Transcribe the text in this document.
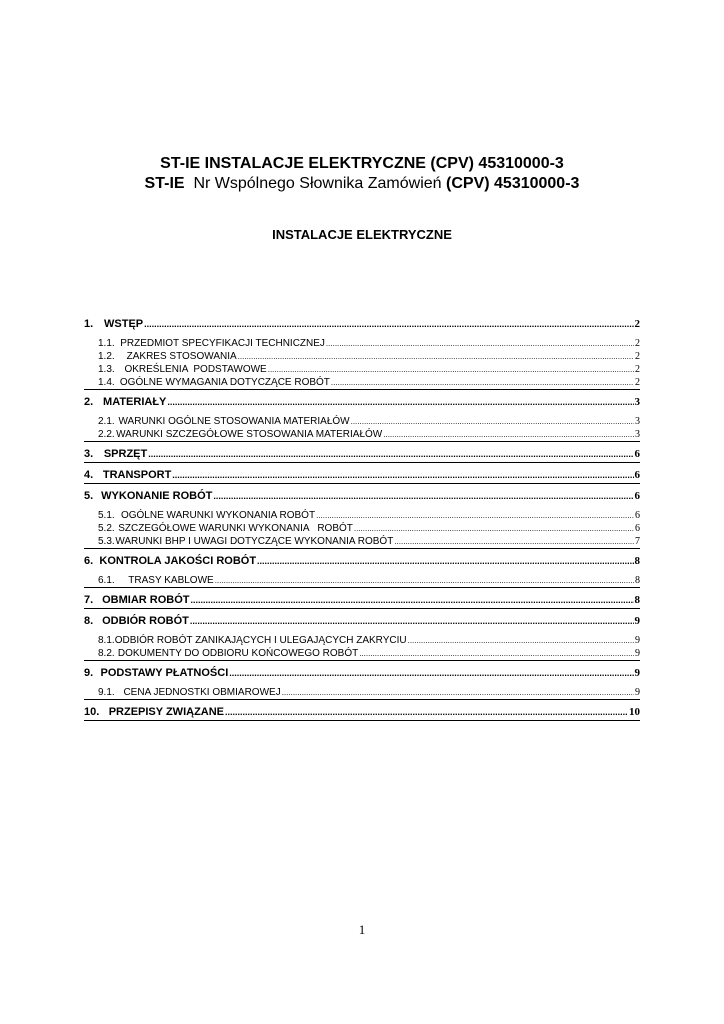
ST-IE INSTALACJE ELEKTRYCZNE (CPV) 45310000-3
ST-IE Nr Wspólnego Słownika Zamówień (CPV) 45310000-3
INSTALACJE ELEKTRYCZNE
1. WSTĘP .....	2
1.1. PRZEDMIOT SPECYFIKACJI TECHNICZNEJ .....	2
1.2.	ZAKRES STOSOWANIA .....	2
1.3. OKREŚLENIA  PODSTAWOWE .....	2
1.4. OGÓLNE WYMAGANIA DOTYCZĄCE ROBÓT .....	2
2. MATERIAŁY .....	3
2.1. WARUNKI OGÓLNE STOSOWANIA MATERIAŁÓW .....	3
2.2. WARUNKI SZCZEGÓŁOWE STOSOWANIA MATERIAŁÓW .....	3
3. SPRZĘT .....	6
4. TRANSPORT .....	6
5. WYKONANIE ROBÓT .....	6
5.1. OGÓLNE WARUNKI WYKONANIA ROBÓT .....	6
5.2. SZCZEGÓŁOWE WARUNKI WYKONANIA   ROBÓT .....	6
5.3. WARUNKI BHP I UWAGI DOTYCZĄCE WYKONANIA ROBÓT .....	7
6. KONTROLA JAKOŚCI ROBÓT .....	8
6.1.	TRASY KABLOWE .....	8
7. OBMIAR ROBÓT .....	8
8. ODBIÓR ROBÓT .....	9
8.1. ODBIÓR ROBÓT ZANIKAJĄCYCH I ULEGAJĄCYCH ZAKRYCIU .....	9
8.2. DOKUMENTY DO ODBIORU KOŃCOWEGO ROBÓT .....	9
9. PODSTAWY PŁATNOŚCI .....	9
9.1. CENA JEDNOSTKI OBMIAROWEJ .....	9
10. PRZEPISY ZWIĄZANE .....	10
1
